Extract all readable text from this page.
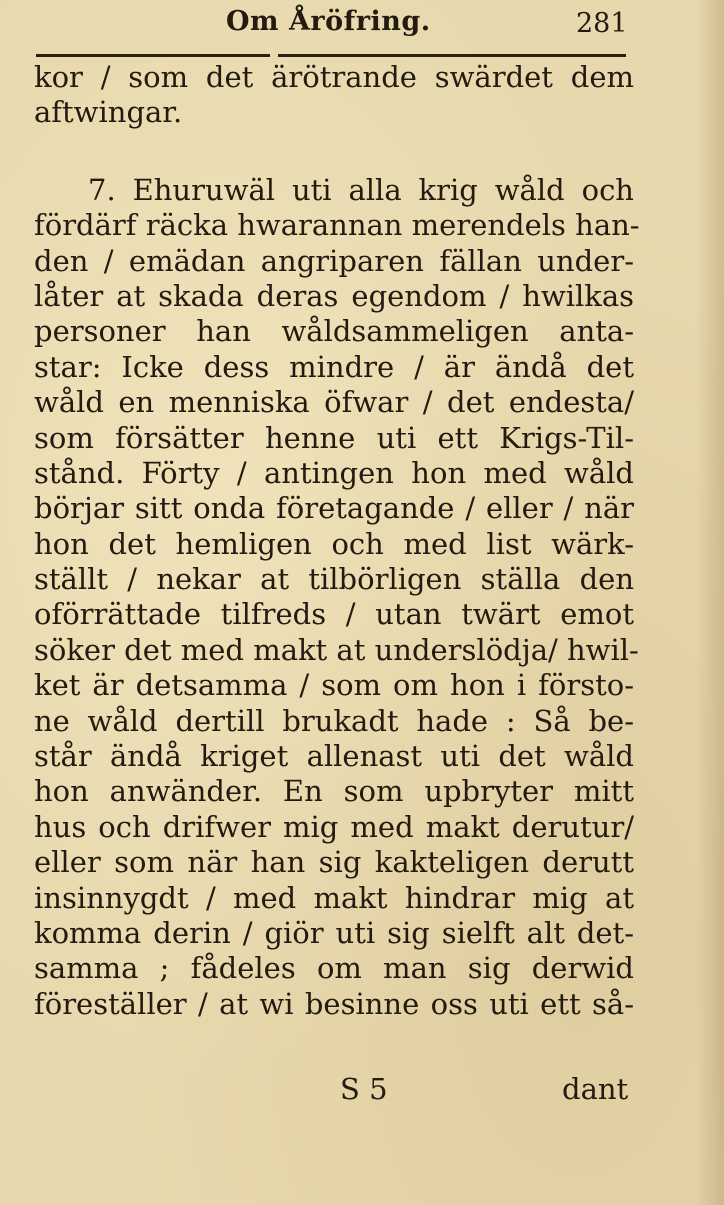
Om Åröfring.	281
kor / som det ärötrande swärdet dem
aftwingar.
7. Ehuruwäl uti alla krig wåld och
fördärf räcka hwarannan merendels han-
den / emädan angriparen fällan under-
låter at skada deras egendom / hwilkas
personer han wåldsammeligen anta-
star: Icke dess mindre / är ändå det
wåld en menniska öfwar / det endesta/
som försätter henne uti ett Krigs-Til-
stånd. Förty / antingen hon med wåld
börjar sitt onda företagande / eller / när
hon det hemligen och med list wärk-
ställt / nekar at tilbörligen ställa den
oförrättade tilfreds / utan twärt emot
söker det med makt at underslödja/ hwil-
ket är detsamma / som om hon i försto-
ne wåld dertill brukadt hade : Så be-
står ändå kriget allenast uti det wåld
hon anwänder. En som upbryter mitt
hus och drifwer mig med makt derutur/
eller som när han sig kakteligen derutt
insinnygdt / med makt hindrar mig at
komma derin / giör uti sig sielft alt det-
samma ; fådeles om man sig derwid
föreställer / at wi besinne oss uti ett så-
S 5	dant
